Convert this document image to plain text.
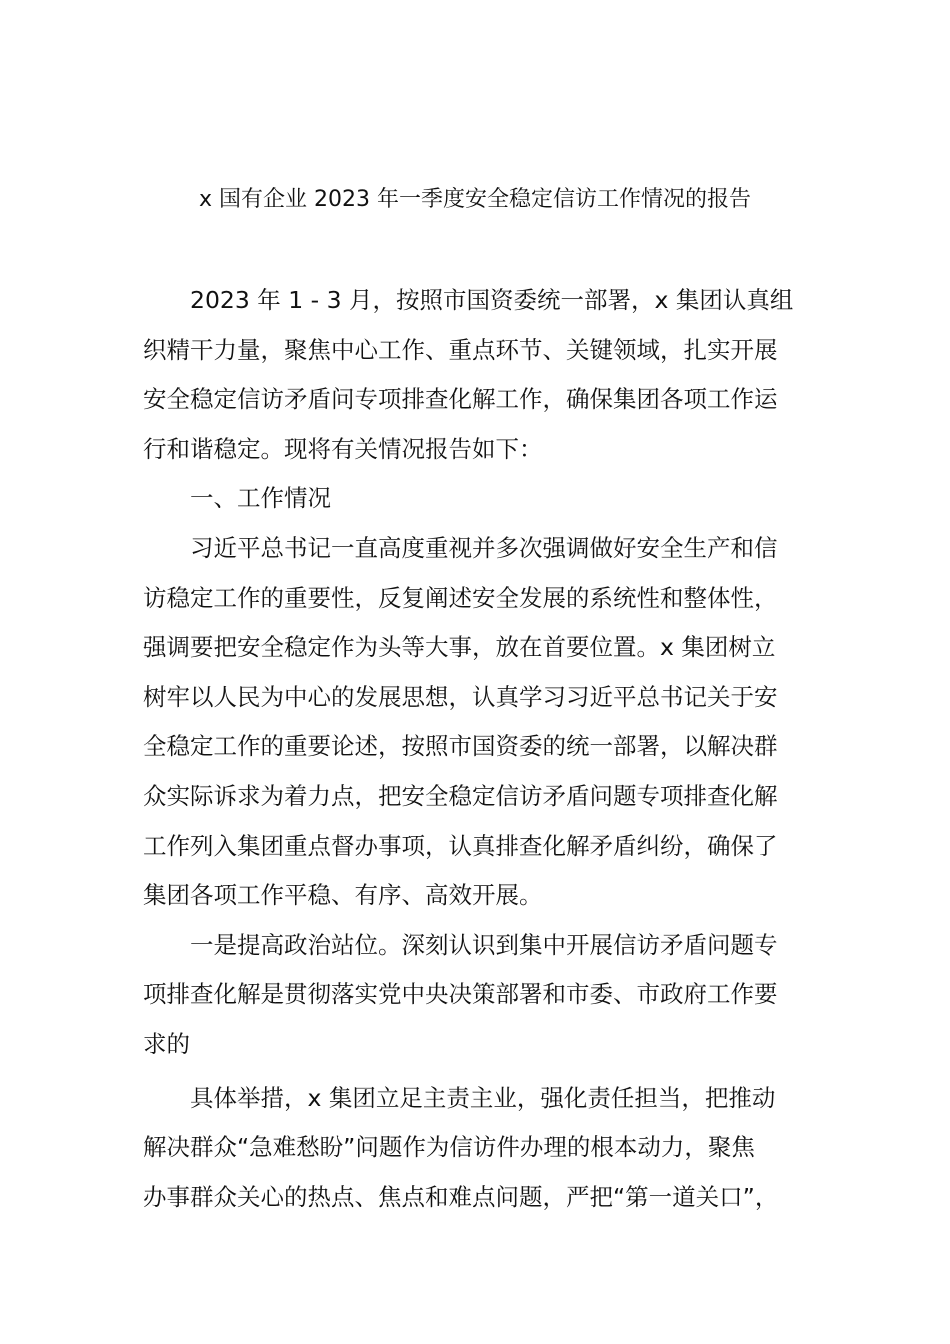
x 国有企业 2023 年一季度安全稳定信访工作情况的报告

2023 年 1 - 3 月，按照市国资委统一部署，x 集团认真组

织精干力量，聚焦中心工作、重点环节、关键领域，扎实开展

安全稳定信访矛盾问专项排查化解工作，确保集团各项工作运

行和谐稳定。现将有关情况报告如下：

一、工作情况

习近平总书记一直高度重视并多次强调做好安全生产和信

访稳定工作的重要性，反复阐述安全发展的系统性和整体性，

强调要把安全稳定作为头等大事，放在首要位置。x 集团树立

树牢以人民为中心的发展思想，认真学习习近平总书记关于安

全稳定工作的重要论述，按照市国资委的统一部署，以解决群

众实际诉求为着力点，把安全稳定信访矛盾问题专项排查化解

工作列入集团重点督办事项，认真排查化解矛盾纠纷，确保了

集团各项工作平稳、有序、高效开展。

一是提高政治站位。深刻认识到集中开展信访矛盾问题专

项排查化解是贯彻落实党中央决策部署和市委、市政府工作要

求的

具体举措，x 集团立足主责主业，强化责任担当，把推动

解决群众“急难愁盼”问题作为信访件办理的根本动力，聚焦

办事群众关心的热点、焦点和难点问题，严把“第一道关口”，
